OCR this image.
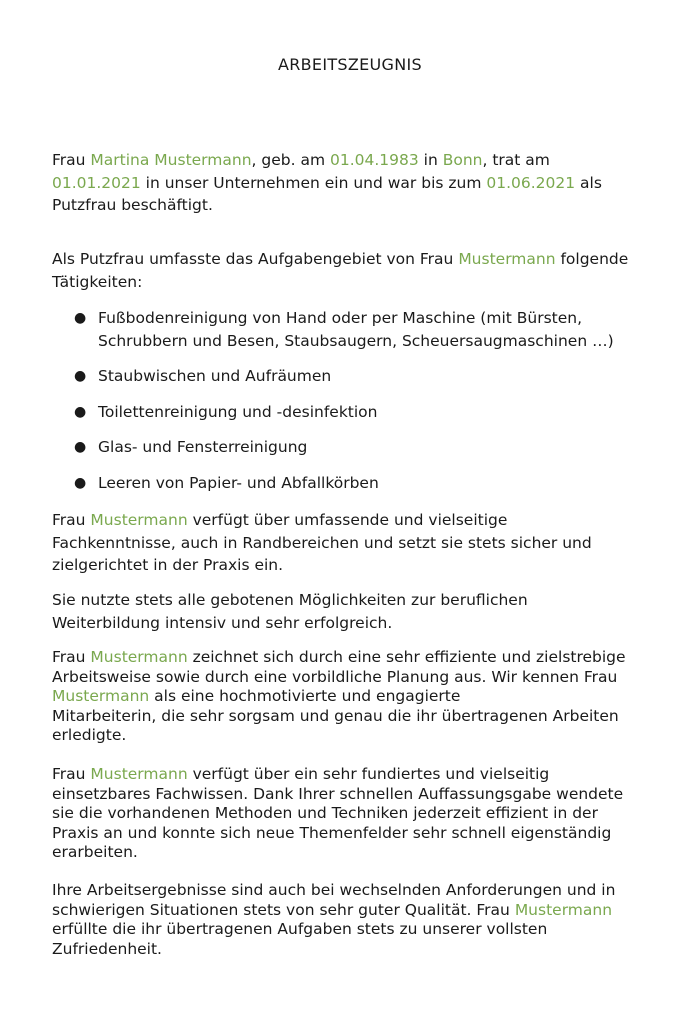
ARBEITSZEUGNIS
Frau Martina Mustermann, geb. am 01.04.1983 in Bonn, trat am
01.01.2021 in unser Unternehmen ein und war bis zum 01.06.2021 als
Putzfrau beschäftigt.
Als Putzfrau umfasste das Aufgabengebiet von Frau Mustermann folgende
Tätigkeiten:
● Fußbodenreinigung von Hand oder per Maschine (mit Bürsten,
Schrubbern und Besen, Staubsaugern, Scheuersaugmaschinen …)
● Staubwischen und Aufräumen
● Toilettenreinigung und -desinfektion
● Glas- und Fensterreinigung
● Leeren von Papier- und Abfallkörben
Frau Mustermann verfügt über umfassende und vielseitige
Fachkenntnisse, auch in Randbereichen und setzt sie stets sicher und
zielgerichtet in der Praxis ein.
Sie nutzte stets alle gebotenen Möglichkeiten zur beruflichen
Weiterbildung intensiv und sehr erfolgreich.
Frau Mustermann zeichnet sich durch eine sehr effiziente und zielstrebige
Arbeitsweise sowie durch eine vorbildliche Planung aus. Wir kennen Frau
Mustermann als eine hochmotivierte und engagierte
Mitarbeiterin, die sehr sorgsam und genau die ihr übertragenen Arbeiten
erledigte.
Frau Mustermann verfügt über ein sehr fundiertes und vielseitig
einsetzbares Fachwissen. Dank Ihrer schnellen Auffassungsgabe wendete
sie die vorhandenen Methoden und Techniken jederzeit effizient in der
Praxis an und konnte sich neue Themenfelder sehr schnell eigenständig
erarbeiten.
Ihre Arbeitsergebnisse sind auch bei wechselnden Anforderungen und in
schwierigen Situationen stets von sehr guter Qualität. Frau Mustermann
erfüllte die ihr übertragenen Aufgaben stets zu unserer vollsten
Zufriedenheit.
